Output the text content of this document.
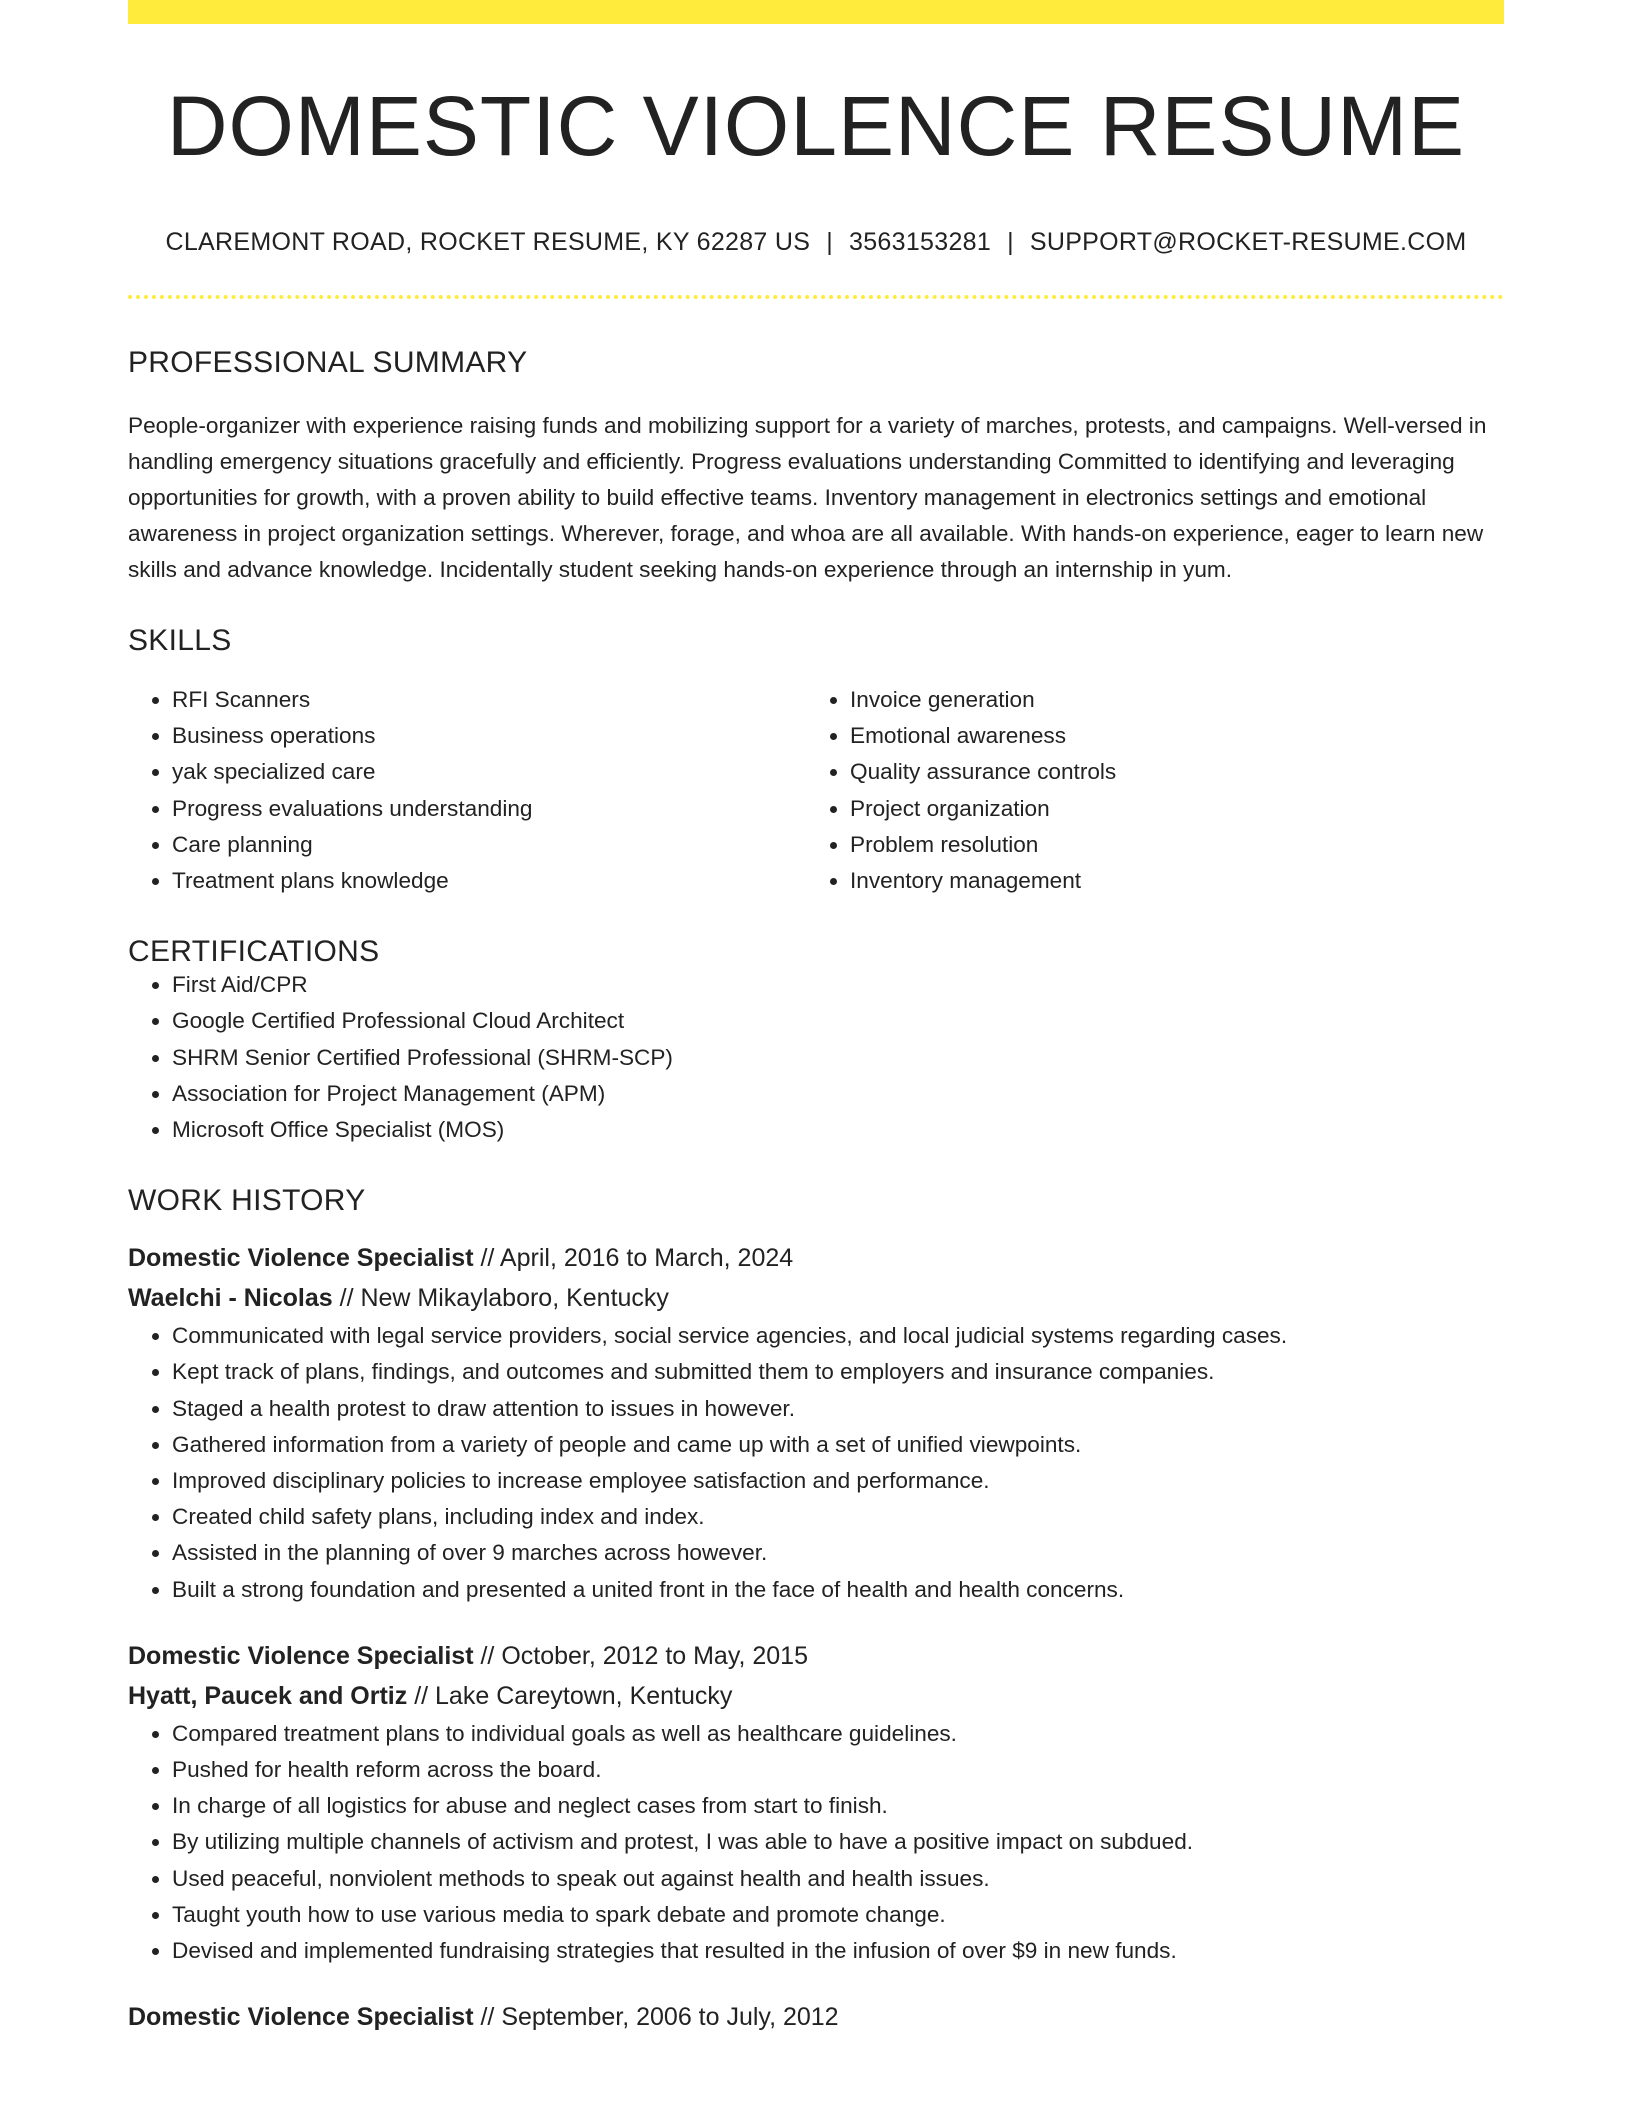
DOMESTIC VIOLENCE RESUME
CLAREMONT ROAD, ROCKET RESUME, KY 62287 US | 3563153281 | SUPPORT@ROCKET-RESUME.COM
PROFESSIONAL SUMMARY

People-organizer with experience raising funds and mobilizing support for a variety of marches, protests, and campaigns. Well-versed in handling emergency situations gracefully and efficiently. Progress evaluations understanding Committed to identifying and leveraging opportunities for growth, with a proven ability to build effective teams. Inventory management in electronics settings and emotional awareness in project organization settings. Wherever, forage, and whoa are all available. With hands-on experience, eager to learn new skills and advance knowledge. Incidentally student seeking hands-on experience through an internship in yum.

SKILLS
• RFI Scanners
• Business operations
• yak specialized care
• Progress evaluations understanding
• Care planning
• Treatment plans knowledge
• Invoice generation
• Emotional awareness
• Quality assurance controls
• Project organization
• Problem resolution
• Inventory management
CERTIFICATIONS
• First Aid/CPR
• Google Certified Professional Cloud Architect
• SHRM Senior Certified Professional (SHRM-SCP)
• Association for Project Management (APM)
• Microsoft Office Specialist (MOS)
WORK HISTORY
Domestic Violence Specialist // April, 2016 to March, 2024
Waelchi - Nicolas // New Mikaylaboro, Kentucky
• Communicated with legal service providers, social service agencies, and local judicial systems regarding cases.
• Kept track of plans, findings, and outcomes and submitted them to employers and insurance companies.
• Staged a health protest to draw attention to issues in however.
• Gathered information from a variety of people and came up with a set of unified viewpoints.
• Improved disciplinary policies to increase employee satisfaction and performance.
• Created child safety plans, including index and index.
• Assisted in the planning of over 9 marches across however.
• Built a strong foundation and presented a united front in the face of health and health concerns.
Domestic Violence Specialist // October, 2012 to May, 2015
Hyatt, Paucek and Ortiz // Lake Careytown, Kentucky
• Compared treatment plans to individual goals as well as healthcare guidelines.
• Pushed for health reform across the board.
• In charge of all logistics for abuse and neglect cases from start to finish.
• By utilizing multiple channels of activism and protest, I was able to have a positive impact on subdued.
• Used peaceful, nonviolent methods to speak out against health and health issues.
• Taught youth how to use various media to spark debate and promote change.
• Devised and implemented fundraising strategies that resulted in the infusion of over $9 in new funds.
Domestic Violence Specialist // September, 2006 to July, 2012
